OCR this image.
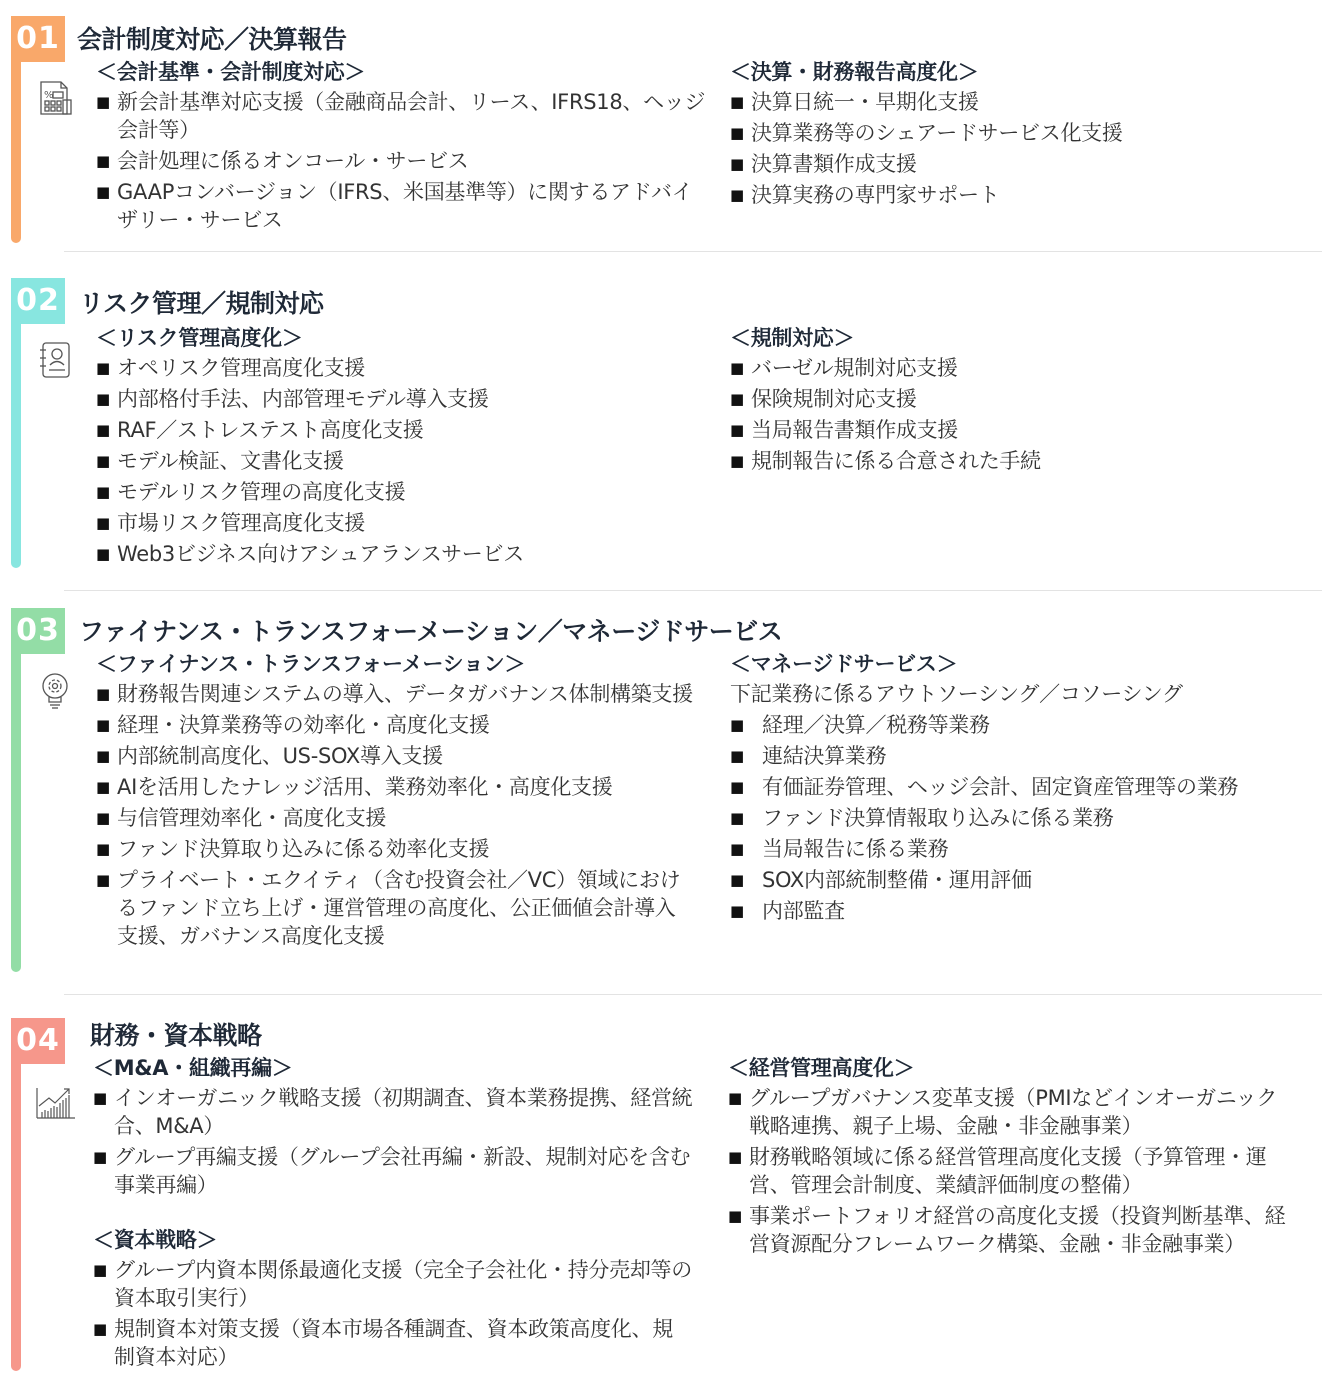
01 会計制度対応／決算報告
%
＜会計基準・会計制度対応＞
■ 新会計基準対応支援（金融商品会計、リース、IFRS18、ヘッジ会計等）
■ 会計処理に係るオンコール・サービス
■ GAAPコンバージョン（IFRS、米国基準等）に関するアドバイザリー・サービス
＜決算・財務報告高度化＞
■ 決算日統一・早期化支援
■ 決算業務等のシェアードサービス化支援
■ 決算書類作成支援
■ 決算実務の専門家サポート
02 リスク管理／規制対応
＜リスク管理高度化＞
■ オペリスク管理高度化支援
■ 内部格付手法、内部管理モデル導入支援
■ RAF／ストレステスト高度化支援
■ モデル検証、文書化支援
■ モデルリスク管理の高度化支援
■ 市場リスク管理高度化支援
■ Web3ビジネス向けアシュアランスサービス
＜規制対応＞
■ バーゼル規制対応支援
■ 保険規制対応支援
■ 当局報告書類作成支援
■ 規制報告に係る合意された手続
03 ファイナンス・トランスフォーメーション／マネージドサービス
＜ファイナンス・トランスフォーメーション＞
■ 財務報告関連システムの導入、データガバナンス体制構築支援
■ 経理・決算業務等の効率化・高度化支援
■ 内部統制高度化、US-SOX導入支援
■ AIを活用したナレッジ活用、業務効率化・高度化支援
■ 与信管理効率化・高度化支援
■ ファンド決算取り込みに係る効率化支援
■ プライベート・エクイティ（含む投資会社／VC）領域におけるファンド立ち上げ・運営管理の高度化、公正価値会計導入支援、ガバナンス高度化支援
＜マネージドサービス＞
下記業務に係るアウトソーシング／コソーシング
■ 経理／決算／税務等業務
■ 連結決算業務
■ 有価証券管理、ヘッジ会計、固定資産管理等の業務
■ ファンド決算情報取り込みに係る業務
■ 当局報告に係る業務
■ SOX内部統制整備・運用評価
■ 内部監査
04 財務・資本戦略
＜M&A・組織再編＞
■ インオーガニック戦略支援（初期調査、資本業務提携、経営統合、M&A）
■ グループ再編支援（グループ会社再編・新設、規制対応を含む事業再編）
＜資本戦略＞
■ グループ内資本関係最適化支援（完全子会社化・持分売却等の資本取引実行）
■ 規制資本対策支援（資本市場各種調査、資本政策高度化、規制資本対応）
＜経営管理高度化＞
■ グループガバナンス変革支援（PMIなどインオーガニック戦略連携、親子上場、金融・非金融事業）
■ 財務戦略領域に係る経営管理高度化支援（予算管理・運営、管理会計制度、業績評価制度の整備）
■ 事業ポートフォリオ経営の高度化支援（投資判断基準、経営資源配分フレームワーク構築、金融・非金融事業）
